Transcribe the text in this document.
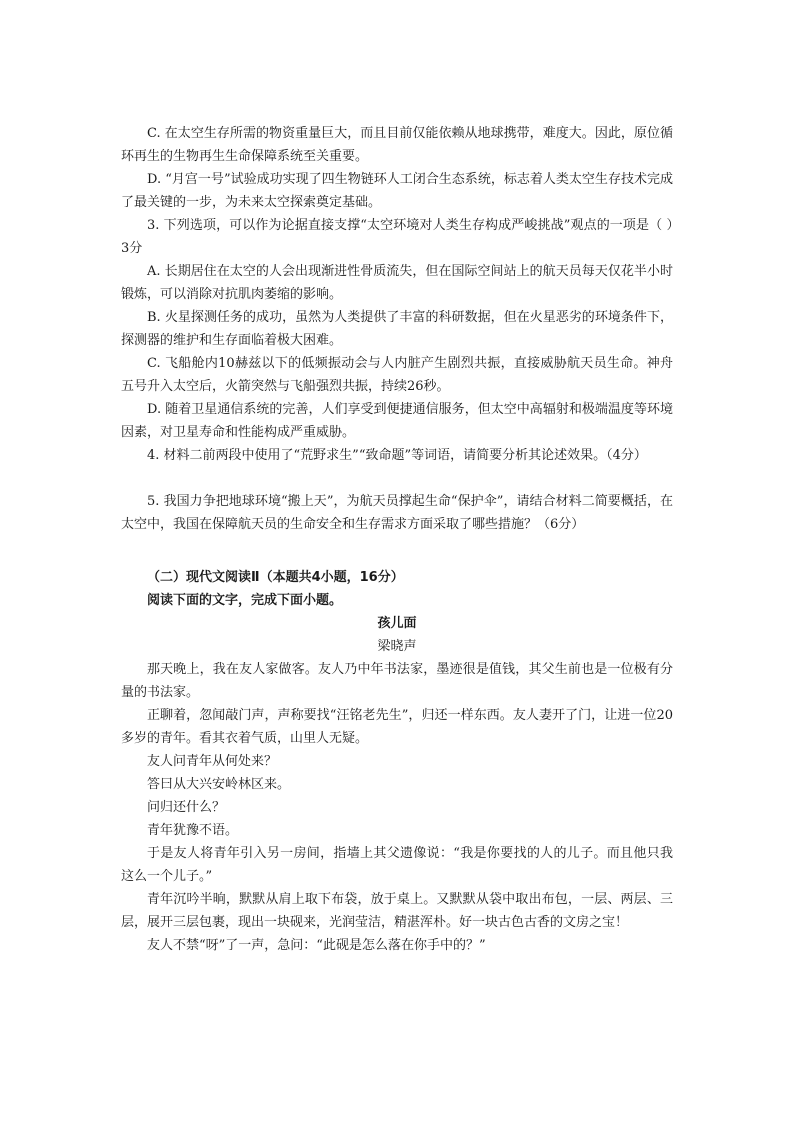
C. 在太空生存所需的物资重量巨大，而且目前仅能依赖从地球携带，难度大。因此，原位循环再生的生物再生生命保障系统至关重要。

D. “月宫一号”试验成功实现了四生物链环人工闭合生态系统，标志着人类太空生存技术完成了最关键的一步，为未来太空探索奠定基础。

3. 下列选项，可以作为论据直接支撑“太空环境对人类生存构成严峻挑战”观点的一项是（ ）3分

A. 长期居住在太空的人会出现渐进性骨质流失，但在国际空间站上的航天员每天仅花半小时锻炼，可以消除对抗肌肉萎缩的影响。

B. 火星探测任务的成功，虽然为人类提供了丰富的科研数据，但在火星恶劣的环境条件下，探测器的维护和生存面临着极大困难。

C. 飞船舱内10赫兹以下的低频振动会与人内脏产生剧烈共振，直接威胁航天员生命。神舟五号升入太空后，火箭突然与飞船强烈共振，持续26秒。

D. 随着卫星通信系统的完善，人们享受到便捷通信服务，但太空中高辐射和极端温度等环境因素，对卫星寿命和性能构成严重威胁。

4. 材料二前两段中使用了“荒野求生”“致命题”等词语，请简要分析其论述效果。（4分）

5. 我国力争把地球环境“搬上天”，为航天员撑起生命“保护伞”，请结合材料二简要概括，在太空中，我国在保障航天员的生命安全和生存需求方面采取了哪些措施？（6分）

（二）现代文阅读Ⅱ（本题共4小题，16分）

阅读下面的文字，完成下面小题。

孩儿面

梁晓声

那天晚上，我在友人家做客。友人乃中年书法家，墨迹很是值钱，其父生前也是一位极有分量的书法家。

正聊着，忽闻敲门声，声称要找“汪铭老先生”，归还一样东西。友人妻开了门，让进一位20多岁的青年。看其衣着气质，山里人无疑。

友人问青年从何处来？

答曰从大兴安岭林区来。

问归还什么？

青年犹豫不语。

于是友人将青年引入另一房间，指墙上其父遗像说：“我是你要找的人的儿子。而且他只我这么一个儿子。”

青年沉吟半晌，默默从肩上取下布袋，放于桌上。又默默从袋中取出布包，一层、两层、三层，展开三层包裹，现出一块砚来，光润莹洁，精湛浑朴。好一块古色古香的文房之宝！

友人不禁“呀”了一声，急问：“此砚是怎么落在你手中的？”
